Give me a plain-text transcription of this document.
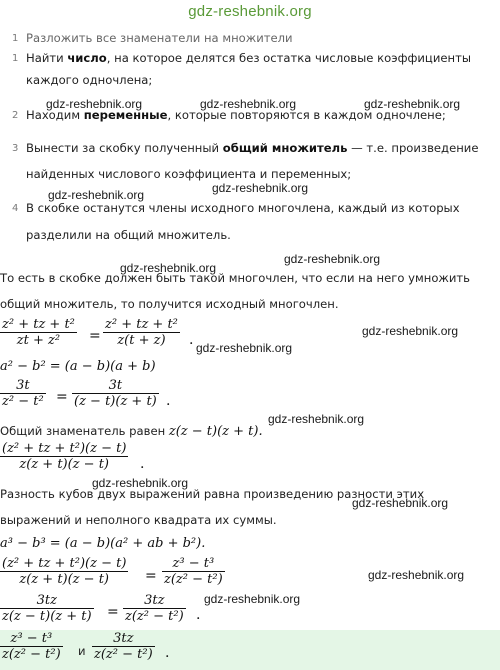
gdz-reshebnik.org
1 Разложить все знаменатели на множители
1 Найти число, на которое делятся без остатка числовые коэффициенты
каждого одночлена;
gdz-reshebnik.org	gdz-reshebnik.org	gdz-reshebnik.org
2 Находим переменные, которые повторяются в каждом одночлене;
3 Вынести за скобку полученный общий множитель — т.е. произведение
найденных числового коэффициента и переменных;
gdz-reshebnik.org
gdz-reshebnik.org
4 В скобке останутся члены исходного многочлена, каждый из которых
разделили на общий множитель.
gdz-reshebnik.org
gdz-reshebnik.org
То есть в скобке должен быть такой многочлен, что если на него умножить
общий множитель, то получится исходный многочлен.
$\frac{\text{z² + tz + t²}}{\text{zt + z²}} = \frac{\text{z² + tz + t²}}{z(t + z)}$ . gdz-reshebnik.org
gdz-reshebnik.org
a² − b² = (a − b)(a + b)
$\frac{3t}{\text{z² − t²}} = \frac{3t}{(z - t)(z + t)}$ .
gdz-reshebnik.org
Общий знаменатель равен z(z − t)(z + t).
$\frac{\text{(z² + tz + t²)(z − t)}}{z(z + t)(z - t)}$ .
gdz-reshebnik.org
Разность кубов двух выражений равна произведению разности этих
gdz-reshebnik.org
выражений и неполного квадрата их суммы.
a³ − b³ = (a − b)(a² + ab + b²).
$\frac{\text{(z² + tz + t²)(z − t)}}{z(z + t)(z - t)} = \frac{\text{z³ − t³}}{\text{z(z² − t²)}}$	gdz-reshebnik.org
gdz-reshebnik.org
$\frac{3tz}{z(z - t)(z + t)} = \frac{3tz}{\text{z(z² − t²)}}$ .
$\frac{\text{z³ − t³}}{\text{z(z² − t²)}}$ и $\frac{3tz}{\text{z(z² − t²)}}$ .
